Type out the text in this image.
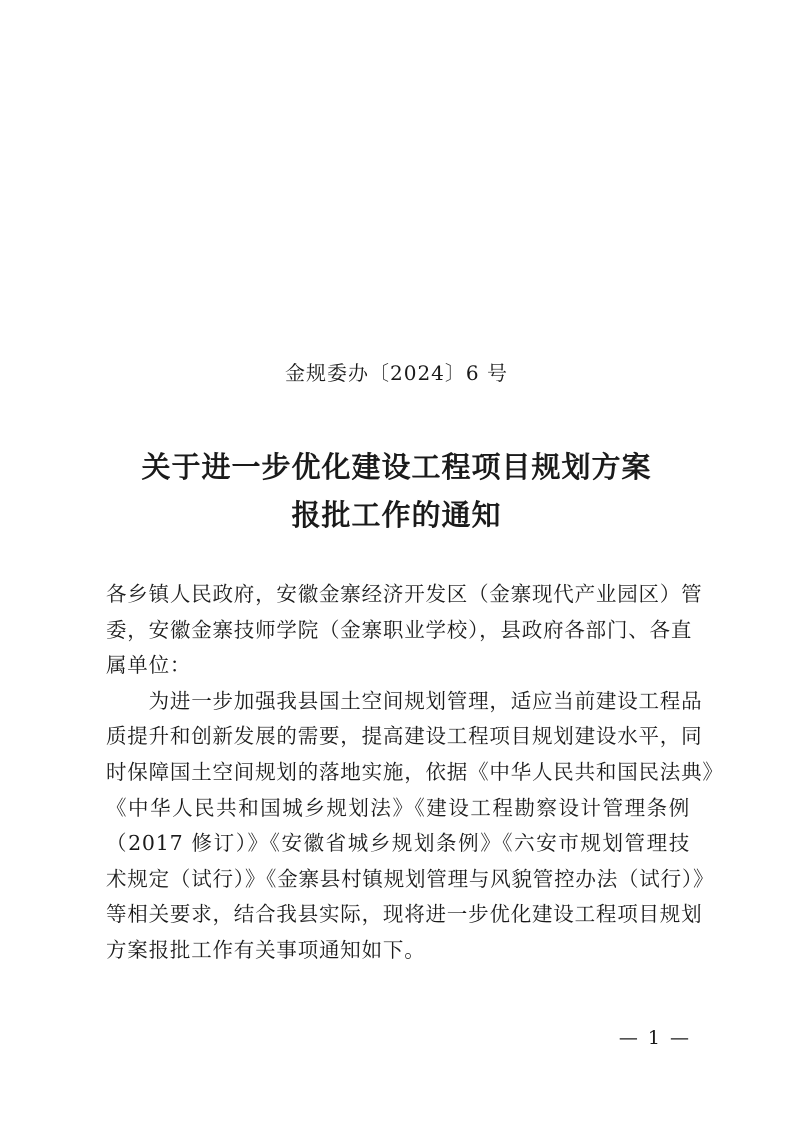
金规委办〔2024〕6 号
关于进一步优化建设工程项目规划方案
报批工作的通知
各乡镇人民政府，安徽金寨经济开发区（金寨现代产业园区）管
委，安徽金寨技师学院（金寨职业学校），县政府各部门、各直
属单位：
　　为进一步加强我县国土空间规划管理，适应当前建设工程品
质提升和创新发展的需要，提高建设工程项目规划建设水平，同
时保障国土空间规划的落地实施，依据《中华人民共和国民法典》
《中华人民共和国城乡规划法》《建设工程勘察设计管理条例
（2017 修订）》《安徽省城乡规划条例》《六安市规划管理技
术规定（试行）》《金寨县村镇规划管理与风貌管控办法（试行）》
等相关要求，结合我县实际，现将进一步优化建设工程项目规划
方案报批工作有关事项通知如下。
— 1 —
